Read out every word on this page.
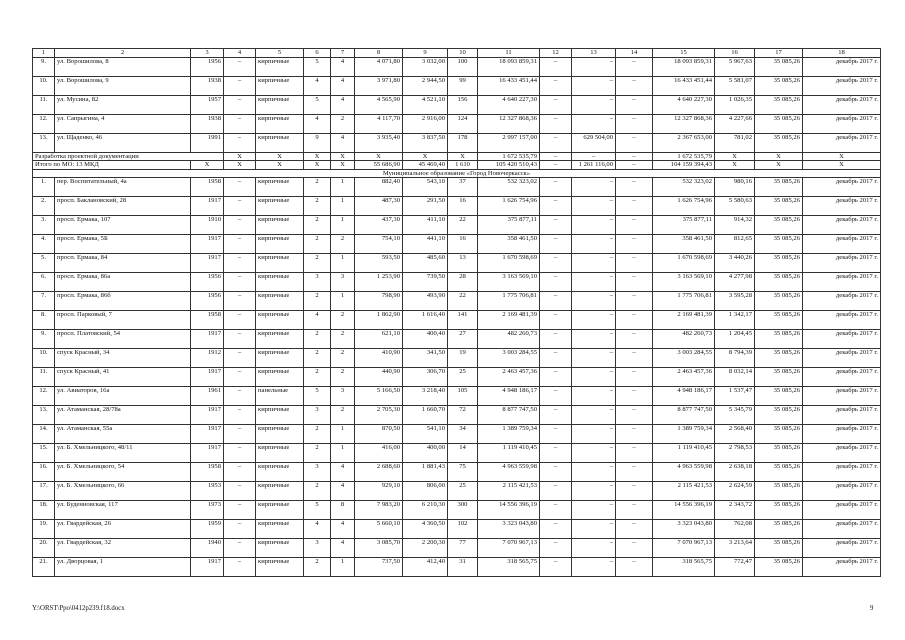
1	2	3	4	5	6	7	8	9	10	11	12	13	14	15	16	17	18
9.	ул. Ворошилова, 8	1956	–	кирпичные	5	4	4 071,80	3 032,00	100	18 093 859,31	–	–	–	18 093 859,31	5 967,63	35 085,26	декабрь 2017 г.
10.	ул. Ворошилова, 9	1938	–	кирпичные	4	4	3 971,80	2 944,50	99	16 433 451,44	–	–	–	16 433 451,44	5 581,07	35 085,26	декабрь 2017 г.
11.	ул. Мусина, 82	1957	–	кирпичные	5	4	4 565,90	4 521,10	156	4 640 227,30	–	–	–	4 640 227,30	1 026,35	35 085,26	декабрь 2017 г.
12.	ул. Сапрыгина, 4	1938	–	кирпичные	4	2	4 117,70	2 916,00	124	12 327 868,36	–	–	–	12 327 868,36	4 227,66	35 085,26	декабрь 2017 г.
13.	ул. Щаденко, 46	1991	–	кирпичные	9	4	3 935,40	3 837,50	178	2 997 157,00	–	629 504,00	–	2 367 653,00	781,02	35 085,26	декабрь 2017 г.
Разработка проектной документации			X	X	X	X	X	X	X	1 672 535,79	–	–	–	1 672 535,79	X	X	X
Итого по МО: 13 МКД		X	X	X	X	X	55 686,90	45 469,40	1 610	105 420 510,43	–	1 261 116,00	–	104 159 394,43	X	X	X
Муниципальное образование «Город Новочеркасск»																	
1.	пер. Воспитательный, 4а	1958	–	кирпичные	2	1	882,40	543,10	37	532 323,02	–	–	–	532 323,02	980,16	35 085,26	декабрь 2017 г.
2.	просп. Баклановский, 28	1917	–	кирпичные	2	1	487,30	291,50	16	1 626 754,96	–	–	–	1 626 754,96	5 580,63	35 085,26	декабрь 2017 г.
3.	просп. Ермака, 107	1910	–	кирпичные	2	1	437,30	411,10	22	375 877,11	–	–	–	375 877,11	914,32	35 085,26	декабрь 2017 г.
4.	просп. Ермака, 5Б	1917	–	кирпичные	2	2	754,10	441,10	16	358 461,50	–	–	–	358 461,50	812,65	35 085,26	декабрь 2017 г.
5.	просп. Ермака, 84	1917	–	кирпичные	2	1	593,50	485,60	13	1 670 598,69	–	–	–	1 670 598,69	3 440,26	35 085,26	декабрь 2017 г.
6.	просп. Ермака, 86а	1956	–	кирпичные	3	3	1 253,90	739,50	28	3 163 569,10	–	–	–	3 163 569,10	4 277,98	35 085,26	декабрь 2017 г.
7.	просп. Ермака, 86б	1956	–	кирпичные	2	1	798,90	493,90	22	1 775 706,81	–	–	–	1 775 706,81	3 595,28	35 085,26	декабрь 2017 г.
8.	просп. Парковый, 7	1958	–	кирпичные	4	2	1 862,90	1 616,40	141	2 169 481,39	–	–	–	2 169 481,39	1 342,17	35 085,26	декабрь 2017 г.
9.	просп. Платовский, 54	1917	–	кирпичные	2	2	621,10	400,40	27	482 260,73	–	–	–	482 260,73	1 204,45	35 085,26	декабрь 2017 г.
10.	спуск Красный, 34	1912	–	кирпичные	2	2	410,90	341,50	19	3 003 284,55	–	–	–	3 003 284,55	8 794,39	35 085,26	декабрь 2017 г.
11.	спуск Красный, 41	1917	–	кирпичные	2	2	440,90	306,70	25	2 463 457,36	–	–	–	2 463 457,36	8 032,14	35 085,26	декабрь 2017 г.
12.	ул. Авиаторов, 16а	1961	–	панельные	5	3	5 166,50	3 218,40	105	4 948 186,17	–	–	–	4 948 186,17	1 537,47	35 085,26	декабрь 2017 г.
13.	ул. Атаманская, 28/78а	1917	–	кирпичные	3	2	2 705,30	1 660,70	72	8 877 747,50	–	–	–	8 877 747,50	5 345,79	35 085,26	декабрь 2017 г.
14.	ул. Атаманская, 55а	1917	–	кирпичные	2	1	870,50	541,10	34	1 389 759,34	–	–	–	1 389 759,34	2 568,40	35 085,26	декабрь 2017 г.
15.	ул. Б. Хмельницкого, 48/11	1917	–	кирпичные	2	1	416,00	400,00	14	1 119 410,45	–	–	–	1 119 410,45	2 798,53	35 085,26	декабрь 2017 г.
16.	ул. Б. Хмельницкого, 54	1958	–	кирпичные	3	4	2 688,60	1 881,43	75	4 963 559,98	–	–	–	4 963 559,98	2 638,18	35 085,26	декабрь 2017 г.
17.	ул. Б. Хмельницкого, 66	1953	–	кирпичные	2	4	929,10	806,00	25	2 115 421,53	–	–	–	2 115 421,53	2 624,59	35 085,26	декабрь 2017 г.
18.	ул. Буденновская, 117	1973	–	кирпичные	5	8	7 983,20	6 210,30	300	14 556 396,19	–	–	–	14 556 396,19	2 343,72	35 085,26	декабрь 2017 г.
19.	ул. Гвардейская, 26	1959	–	кирпичные	4	4	5 660,10	4 360,50	102	3 323 043,80	–	–	–	3 323 043,80	762,08	35 085,26	декабрь 2017 г.
20.	ул. Гвардейская, 32	1940	–	кирпичные	3	4	3 085,70	2 200,30	77	7 070 967,13	–	–	–	7 070 967,13	3 213,64	35 085,26	декабрь 2017 г.
21.	ул. Дворцовая, 1	1917	–	кирпичные	2	1	737,50	412,40	31	318 565,75	–	–	–	318 565,75	772,47	35 085,26	декабрь 2017 г.
Y:\ORST\Ppo\0412p239.f18.docx	9
